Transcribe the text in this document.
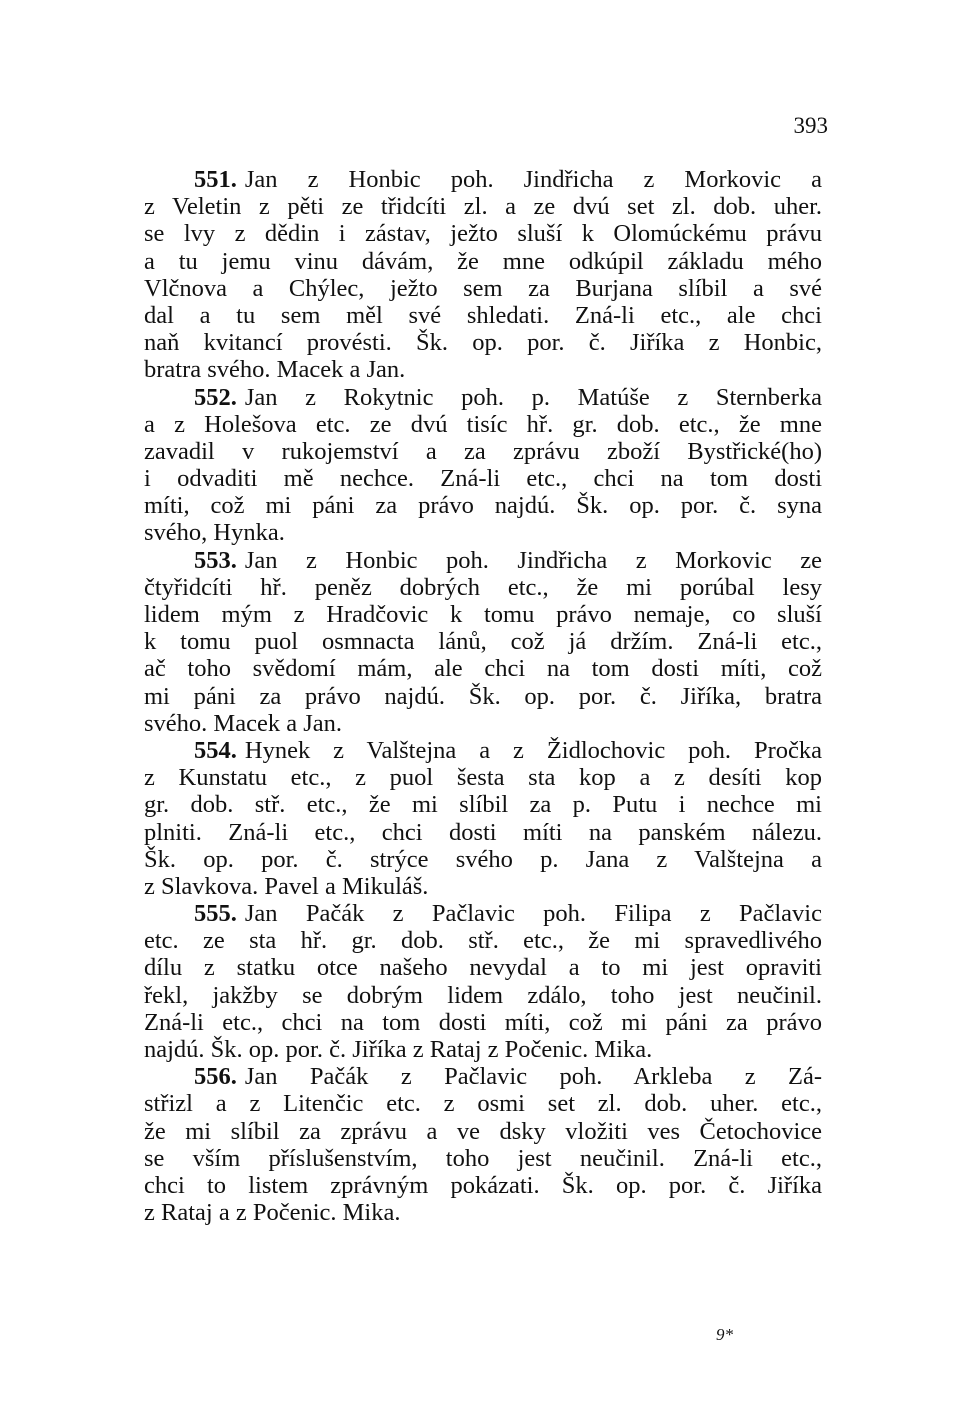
393
551. Jan z Honbic poh. Jindřicha z Morkovic a
z Veletin z pěti ze třidcíti zl. a ze dvú set zl. dob. uher.
se lvy z dědin i zástav, ježto sluší k Olomúckému právu
a tu jemu vinu dávám, že mne odkúpil základu mého
Vlčnova a Chýlec, ježto sem za Burjana slíbil a své
dal a tu sem měl své shledati. Zná-li etc., ale chci
naň kvitancí provésti. Šk. op. por. č. Jiříka z Honbic,
bratra svého. Macek a Jan.
552. Jan z Rokytnic poh. p. Matúše z Sternberka
a z Holešova etc. ze dvú tisíc hř. gr. dob. etc., že mne
zavadil v rukojemství a za zprávu zboží Bystřické(ho)
i odvaditi mě nechce. Zná-li etc., chci na tom dosti
míti, což mi páni za právo najdú. Šk. op. por. č. syna
svého, Hynka.
553. Jan z Honbic poh. Jindřicha z Morkovic ze
čtyřidcíti hř. peněz dobrých etc., že mi porúbal lesy
lidem mým z Hradčovic k tomu právo nemaje, co sluší
k tomu puol osmnacta lánů, což já držím. Zná-li etc.,
ač toho svědomí mám, ale chci na tom dosti míti, což
mi páni za právo najdú. Šk. op. por. č. Jiříka, bratra
svého. Macek a Jan.
554. Hynek z Valštejna a z Židlochovic poh. Pročka
z Kunstatu etc., z puol šesta sta kop a z desíti kop
gr. dob. stř. etc., že mi slíbil za p. Putu i nechce mi
plniti. Zná-li etc., chci dosti míti na panském nálezu.
Šk. op. por. č. strýce svého p. Jana z Valštejna a
z Slavkova. Pavel a Mikuláš.
555. Jan Pačák z Pačlavic poh. Filipa z Pačlavic
etc. ze sta hř. gr. dob. stř. etc., že mi spravedlivého
dílu z statku otce našeho nevydal a to mi jest opraviti
řekl, jakžby se dobrým lidem zdálo, toho jest neučinil.
Zná-li etc., chci na tom dosti míti, což mi páni za právo
najdú. Šk. op. por. č. Jiříka z Rataj z Počenic. Mika.
556. Jan Pačák z Pačlavic poh. Arkleba z Zá-
střizl a z Litenčic etc. z osmi set zl. dob. uher. etc.,
že mi slíbil za zprávu a ve dsky vložiti ves Četochovice
se vším příslušenstvím, toho jest neučinil. Zná-li etc.,
chci to listem zprávným pokázati. Šk. op. por. č. Jiříka
z Rataj a z Počenic. Mika.
9*
